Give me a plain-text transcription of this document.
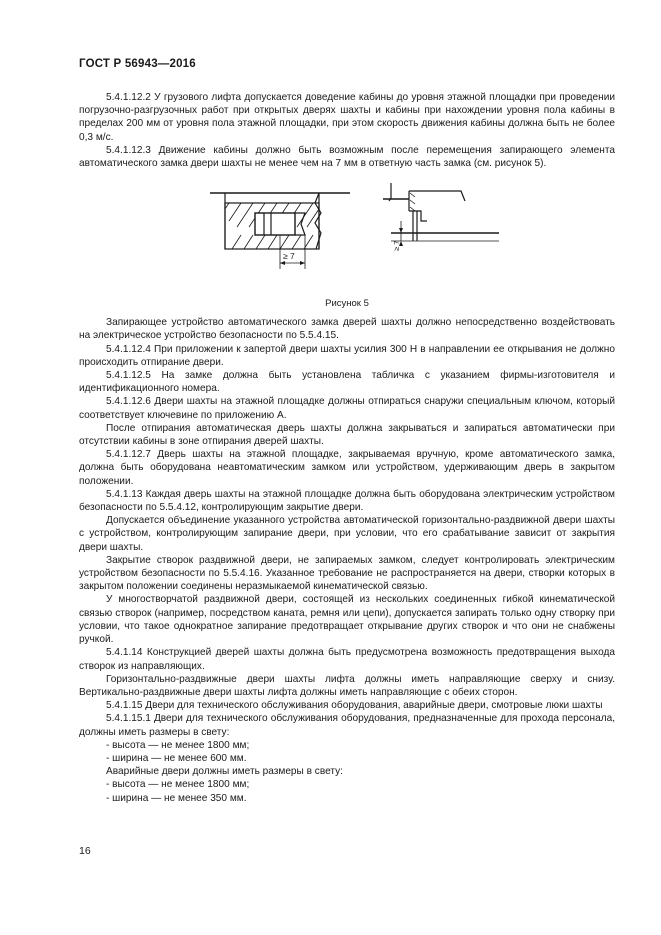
ГОСТ Р 56943—2016

5.4.1.12.2 У грузового лифта допускается доведение кабины до уровня этажной площадки при проведении погрузочно-разгрузочных работ при открытых дверях шахты и кабины при нахождении уровня пола кабины в пределах 200 мм от уровня пола этажной площадки, при этом скорость движения кабины должна быть не более 0,3 м/с.

5.4.1.12.3 Движение кабины должно быть возможным после перемещения запирающего элемента автоматического замка двери шахты не менее чем на 7 мм в ответную часть замка (см. рисунок 5).

≥ 7
≥ 7
Рисунок 5

Запирающее устройство автоматического замка дверей шахты должно непосредственно воздействовать на электрическое устройство безопасности по 5.5.4.15.

5.4.1.12.4 При приложении к запертой двери шахты усилия 300 Н в направлении ее открывания не должно происходить отпирание двери.

5.4.1.12.5 На замке должна быть установлена табличка с указанием фирмы-изготовителя и идентификационного номера.

5.4.1.12.6 Двери шахты на этажной площадке должны отпираться снаружи специальным ключом, который соответствует ключевине по приложению А.

После отпирания автоматическая дверь шахты должна закрываться и запираться автоматически при отсутствии кабины в зоне отпирания дверей шахты.

5.4.1.12.7 Дверь шахты на этажной площадке, закрываемая вручную, кроме автоматического замка, должна быть оборудована неавтоматическим замком или устройством, удерживающим дверь в закрытом положении.

5.4.1.13 Каждая дверь шахты на этажной площадке должна быть оборудована электрическим устройством безопасности по 5.5.4.12, контролирующим закрытие двери.

Допускается объединение указанного устройства автоматической горизонтально-раздвижной двери шахты с устройством, контролирующим запирание двери, при условии, что его срабатывание зависит от закрытия двери шахты.

Закрытие створок раздвижной двери, не запираемых замком, следует контролировать электрическим устройством безопасности по 5.5.4.16. Указанное требование не распространяется на двери, створки которых в закрытом положении соединены неразмыкаемой кинематической связью.

У многостворчатой раздвижной двери, состоящей из нескольких соединенных гибкой кинематической связью створок (например, посредством каната, ремня или цепи), допускается запирать только одну створку при условии, что такое однократное запирание предотвращает открывание других створок и что они не снабжены ручкой.

5.4.1.14 Конструкцией дверей шахты должна быть предусмотрена возможность предотвращения выхода створок из направляющих.

Горизонтально-раздвижные двери шахты лифта должны иметь направляющие сверху и снизу. Вертикально-раздвижные двери шахты лифта должны иметь направляющие с обеих сторон.

5.4.1.15 Двери для технического обслуживания оборудования, аварийные двери, смотровые люки шахты

5.4.1.15.1 Двери для технического обслуживания оборудования, предназначенные для прохода персонала, должны иметь размеры в свету:

- высота — не менее 1800 мм;

- ширина — не менее 600 мм.

Аварийные двери должны иметь размеры в свету:

- высота — не менее 1800 мм;

- ширина — не менее 350 мм.

16
